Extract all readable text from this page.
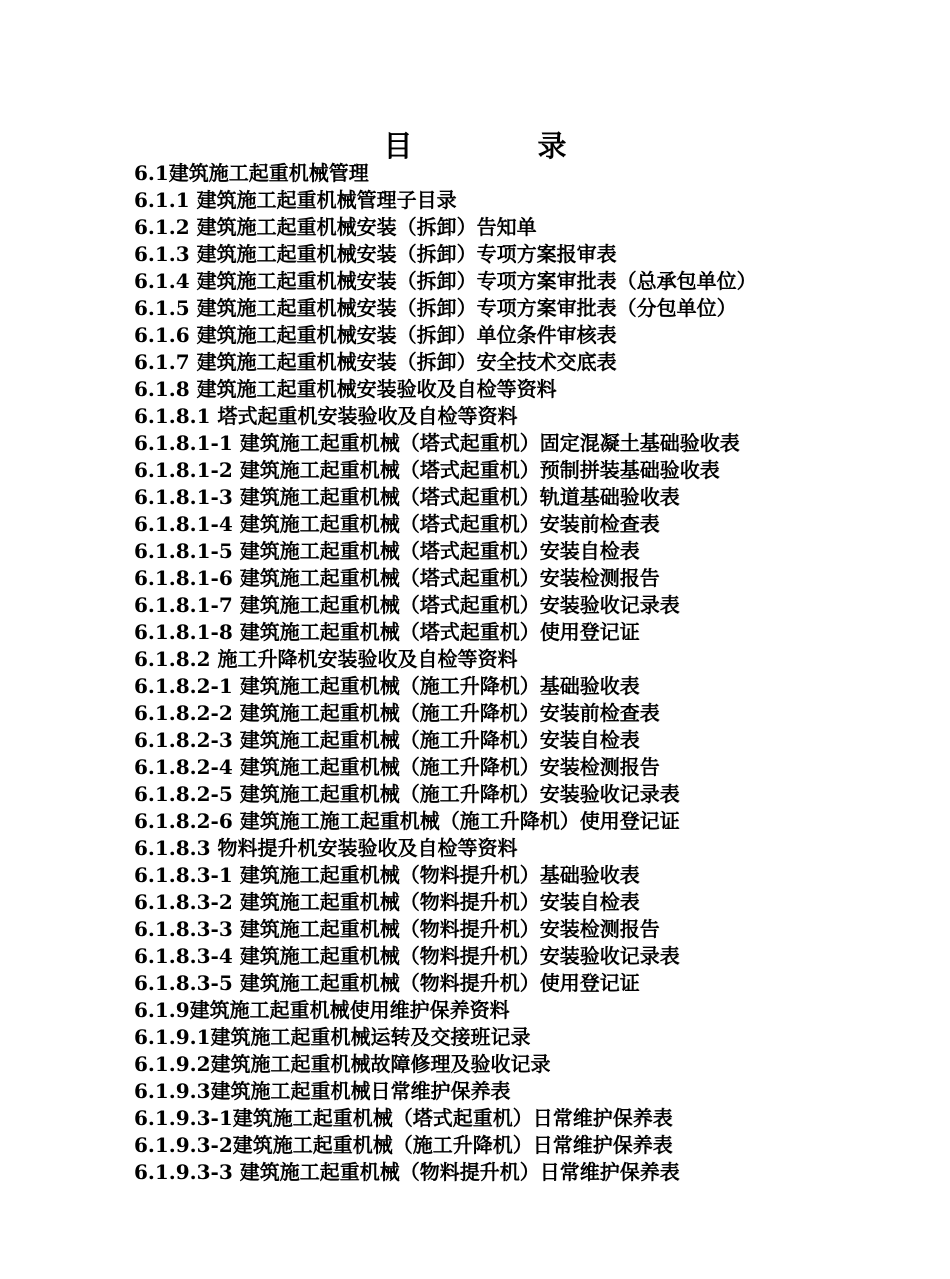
目　录
6.1建筑施工起重机械管理
6.1.1 建筑施工起重机械管理子目录
6.1.2 建筑施工起重机械安装（拆卸）告知单
6.1.3 建筑施工起重机械安装（拆卸）专项方案报审表
6.1.4 建筑施工起重机械安装（拆卸）专项方案审批表（总承包单位）
6.1.5 建筑施工起重机械安装（拆卸）专项方案审批表（分包单位）
6.1.6 建筑施工起重机械安装（拆卸）单位条件审核表
6.1.7 建筑施工起重机械安装（拆卸）安全技术交底表
6.1.8 建筑施工起重机械安装验收及自检等资料
6.1.8.1 塔式起重机安装验收及自检等资料
6.1.8.1-1 建筑施工起重机械（塔式起重机）固定混凝土基础验收表
6.1.8.1-2 建筑施工起重机械（塔式起重机）预制拼装基础验收表
6.1.8.1-3 建筑施工起重机械（塔式起重机）轨道基础验收表
6.1.8.1-4 建筑施工起重机械（塔式起重机）安装前检查表
6.1.8.1-5 建筑施工起重机械（塔式起重机）安装自检表
6.1.8.1-6 建筑施工起重机械（塔式起重机）安装检测报告
6.1.8.1-7 建筑施工起重机械（塔式起重机）安装验收记录表
6.1.8.1-8 建筑施工起重机械（塔式起重机）使用登记证
6.1.8.2 施工升降机安装验收及自检等资料
6.1.8.2-1 建筑施工起重机械（施工升降机）基础验收表
6.1.8.2-2 建筑施工起重机械（施工升降机）安装前检查表
6.1.8.2-3 建筑施工起重机械（施工升降机）安装自检表
6.1.8.2-4 建筑施工起重机械（施工升降机）安装检测报告
6.1.8.2-5 建筑施工起重机械（施工升降机）安装验收记录表
6.1.8.2-6 建筑施工施工起重机械（施工升降机）使用登记证
6.1.8.3 物料提升机安装验收及自检等资料
6.1.8.3-1 建筑施工起重机械（物料提升机）基础验收表
6.1.8.3-2 建筑施工起重机械（物料提升机）安装自检表
6.1.8.3-3 建筑施工起重机械（物料提升机）安装检测报告
6.1.8.3-4 建筑施工起重机械（物料提升机）安装验收记录表
6.1.8.3-5 建筑施工起重机械（物料提升机）使用登记证
6.1.9建筑施工起重机械使用维护保养资料
6.1.9.1建筑施工起重机械运转及交接班记录
6.1.9.2建筑施工起重机械故障修理及验收记录
6.1.9.3建筑施工起重机械日常维护保养表
6.1.9.3-1建筑施工起重机械（塔式起重机）日常维护保养表
6.1.9.3-2建筑施工起重机械（施工升降机）日常维护保养表
6.1.9.3-3 建筑施工起重机械（物料提升机）日常维护保养表
